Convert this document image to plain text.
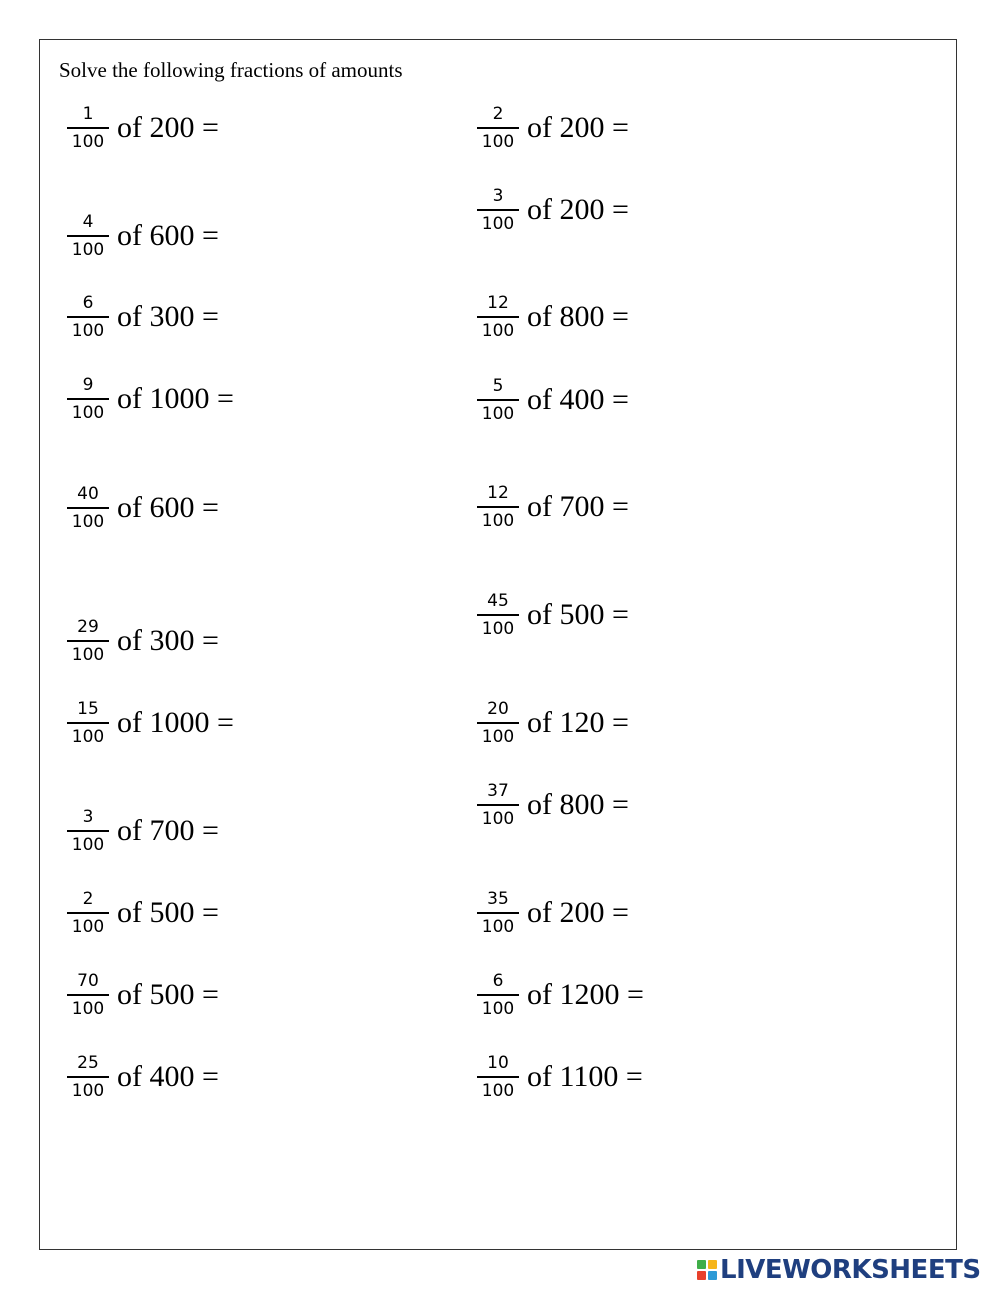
Solve the following fractions of amounts
$\frac{1}{100}$ of 200 =
$\frac{4}{100}$ of 600 =
$\frac{6}{100}$ of 300 =
$\frac{9}{100}$ of 1000 =
$\frac{40}{100}$ of 600 =
$\frac{29}{100}$ of 300 =
$\frac{15}{100}$ of 1000 =
$\frac{3}{100}$ of 700 =
$\frac{2}{100}$ of 500 =
$\frac{70}{100}$ of 500 =
$\frac{25}{100}$ of 400 =
$\frac{2}{100}$ of 200 =
$\frac{3}{100}$ of 200 =
$\frac{12}{100}$ of 800 =
$\frac{5}{100}$ of 400 =
$\frac{12}{100}$ of 700 =
$\frac{45}{100}$ of 500 =
$\frac{20}{100}$ of 120 =
$\frac{37}{100}$ of 800 =
$\frac{35}{100}$ of 200 =
$\frac{6}{100}$ of 1200 =
$\frac{10}{100}$ of 1100 =
LIVEWORKSHEETS
